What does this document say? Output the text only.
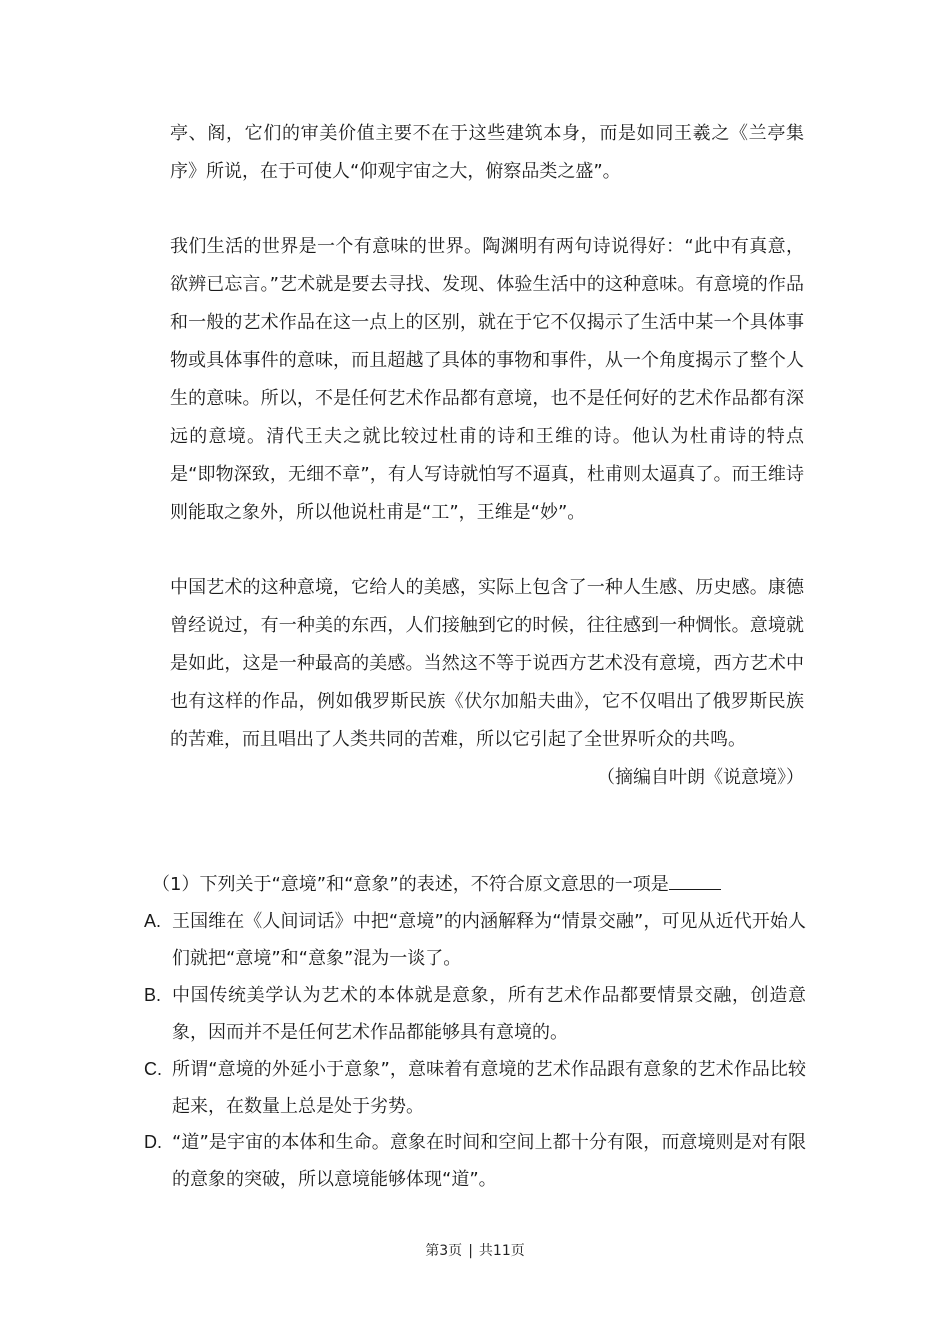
亭、阁，它们的审美价值主要不在于这些建筑本身，而是如同王羲之《兰亭集序》所说，在于可使人“仰观宇宙之大，俯察品类之盛”。

我们生活的世界是一个有意味的世界。陶渊明有两句诗说得好：“此中有真意，欲辨已忘言。”艺术就是要去寻找、发现、体验生活中的这种意味。有意境的作品和一般的艺术作品在这一点上的区别，就在于它不仅揭示了生活中某一个具体事物或具体事件的意味，而且超越了具体的事物和事件，从一个角度揭示了整个人生的意味。所以，不是任何艺术作品都有意境，也不是任何好的艺术作品都有深远的意境。清代王夫之就比较过杜甫的诗和王维的诗。他认为杜甫诗的特点是“即物深致，无细不章”，有人写诗就怕写不逼真，杜甫则太逼真了。而王维诗则能取之象外，所以他说杜甫是“工”，王维是“妙”。

中国艺术的这种意境，它给人的美感，实际上包含了一种人生感、历史感。康德曾经说过，有一种美的东西，人们接触到它的时候，往往感到一种惆怅。意境就是如此，这是一种最高的美感。当然这不等于说西方艺术没有意境，西方艺术中也有这样的作品，例如俄罗斯民族《伏尔加船夫曲》，它不仅唱出了俄罗斯民族的苦难，而且唱出了人类共同的苦难，所以它引起了全世界听众的共鸣。

（摘编自叶朗《说意境》）

（1）下列关于“意境”和“意象”的表述，不符合原文意思的一项是

A. 王国维在《人间词话》中把“意境”的内涵解释为“情景交融”，可见从近代开始人们就把“意境”和“意象”混为一谈了。
B. 中国传统美学认为艺术的本体就是意象，所有艺术作品都要情景交融，创造意象，因而并不是任何艺术作品都能够具有意境的。
C. 所谓“意境的外延小于意象”，意味着有意境的艺术作品跟有意象的艺术作品比较起来，在数量上总是处于劣势。
D. “道”是宇宙的本体和生命。意象在时间和空间上都十分有限，而意境则是对有限的意象的突破，所以意境能够体现“道”。
第3页 | 共11页
